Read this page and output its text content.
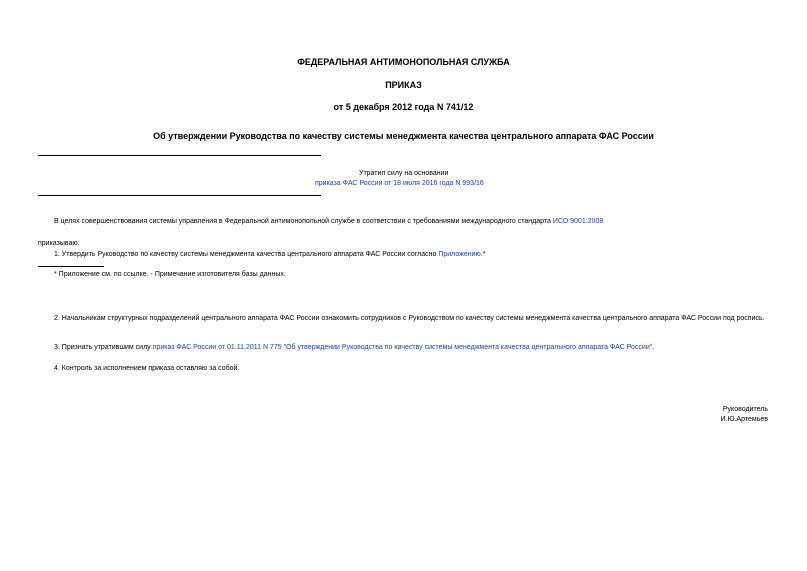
ФЕДЕРАЛЬНАЯ АНТИМОНОПОЛЬНАЯ СЛУЖБА
ПРИКАЗ
от 5 декабря 2012 года N 741/12
Об утверждении Руководства по качеству системы менеджмента качества центрального аппарата ФАС России
Утратил силу на основании
приказа ФАС России от 18 июля 2016 года N 993/16
В целях совершенствования системы управления в Федеральной антимонопольной службе в соответствии с требованиями международного стандарта ИСО 9001:2008
приказываю:
1. Утвердить Руководство по качеству системы менеджмента качества центрального аппарата ФАС России согласно Приложению.*
* Приложение см. по ссылке. - Примечание изготовителя базы данных.
2. Начальникам структурных подразделений центрального аппарата ФАС России ознакомить сотрудников с Руководством по качеству системы менеджмента качества центрального аппарата ФАС России под роспись.
3. Признать утратившим силу приказ ФАС России от 01.11.2011 N 775 "Об утверждении Руководства по качеству системы менеджмента качества центрального аппарата ФАС России".
4. Контроль за исполнением приказа оставляю за собой.
Руководитель
И.Ю.Артемьев
